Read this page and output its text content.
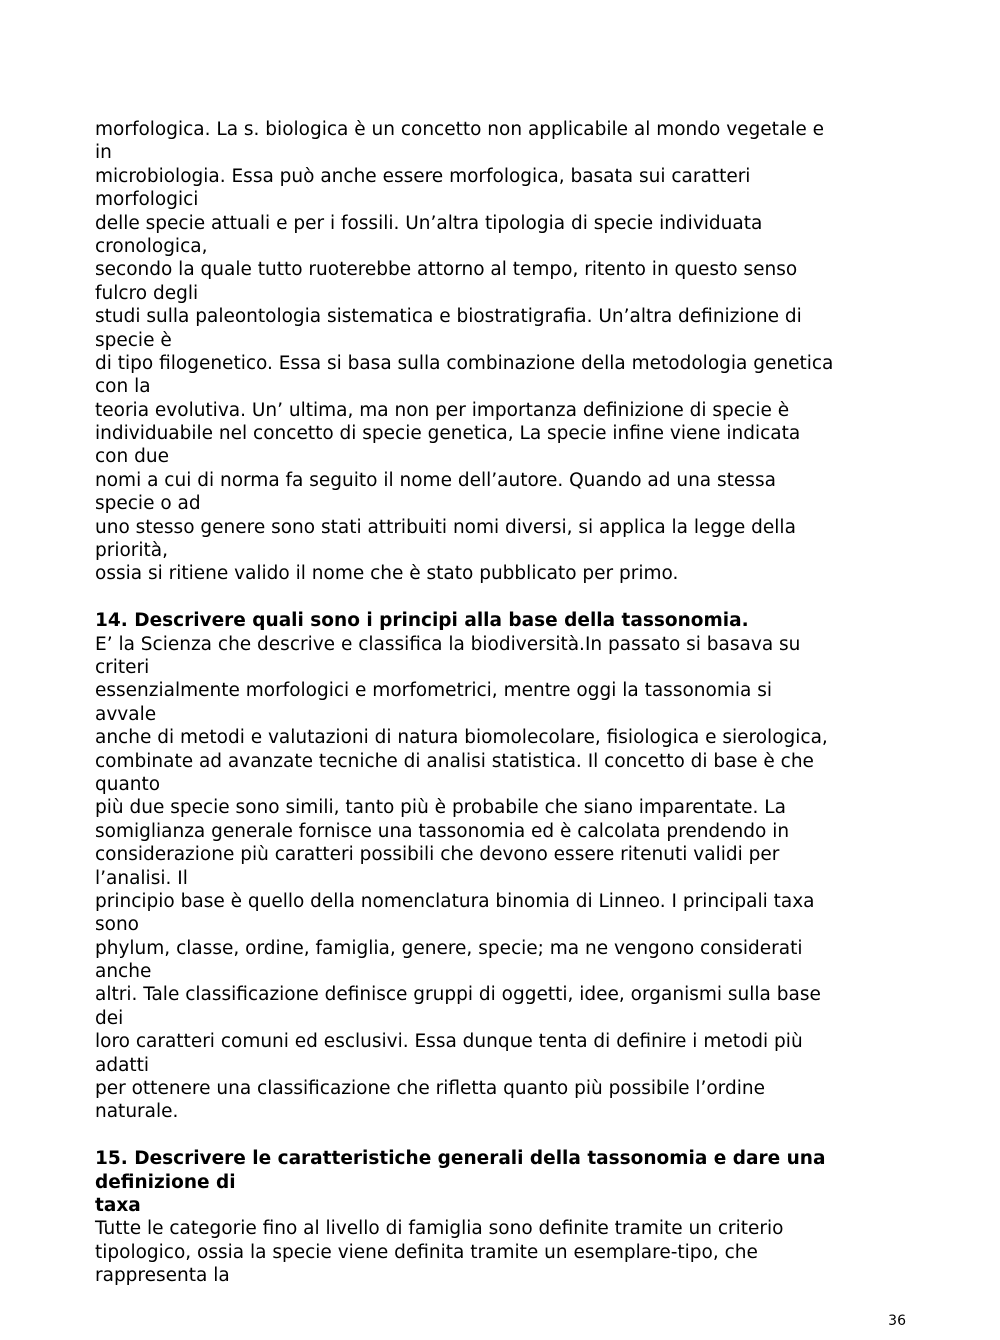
morfologica. La s. biologica è un concetto non applicabile al mondo vegetale e
in
microbiologia. Essa può anche essere morfologica, basata sui caratteri
morfologici
delle specie attuali e per i fossili. Un’altra tipologia di specie individuata
cronologica,
secondo la quale tutto ruoterebbe attorno al tempo, ritento in questo senso
fulcro degli
studi sulla paleontologia sistematica e biostratigrafia. Un’altra definizione di
specie è
di tipo filogenetico. Essa si basa sulla combinazione della metodologia genetica
con la
teoria evolutiva. Un’ ultima, ma non per importanza definizione di specie è
individuabile nel concetto di specie genetica, La specie infine viene indicata
con due
nomi a cui di norma fa seguito il nome dell’autore. Quando ad una stessa
specie o ad
uno stesso genere sono stati attribuiti nomi diversi, si applica la legge della
priorità,
ossia si ritiene valido il nome che è stato pubblicato per primo.
14. Descrivere quali sono i principi alla base della tassonomia.
E’ la Scienza che descrive e classifica la biodiversità.In passato si basava su
criteri
essenzialmente morfologici e morfometrici, mentre oggi la tassonomia si
avvale
anche di metodi e valutazioni di natura biomolecolare, fisiologica e sierologica,
combinate ad avanzate tecniche di analisi statistica. Il concetto di base è che
quanto
più due specie sono simili, tanto più è probabile che siano imparentate. La
somiglianza generale fornisce una tassonomia ed è calcolata prendendo in
considerazione più caratteri possibili che devono essere ritenuti validi per
l’analisi. Il
principio base è quello della nomenclatura binomia di Linneo. I principali taxa
sono
phylum, classe, ordine, famiglia, genere, specie; ma ne vengono considerati
anche
altri. Tale classificazione definisce gruppi di oggetti, idee, organismi sulla base
dei
loro caratteri comuni ed esclusivi. Essa dunque tenta di definire i metodi più
adatti
per ottenere una classificazione che rifletta quanto più possibile l’ordine
naturale.
15. Descrivere le caratteristiche generali della tassonomia e dare una
definizione di
taxa
Tutte le categorie fino al livello di famiglia sono definite tramite un criterio
tipologico, ossia la specie viene definita tramite un esemplare-tipo, che
rappresenta la
36
